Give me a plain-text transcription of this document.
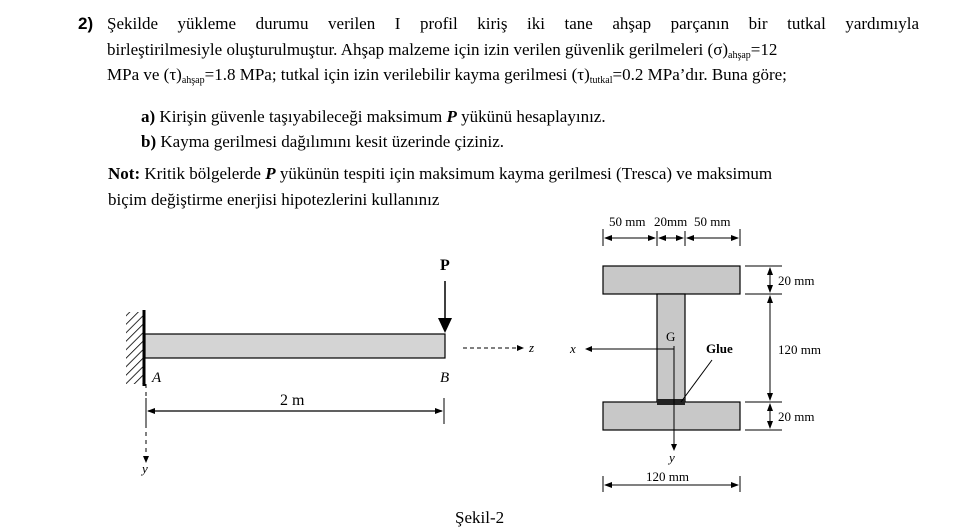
2) Şekilde yükleme durumu verilen I profil kiriş iki tane ahşap parçanın bir tutkal yardımıyla
birleştirilmesiyle oluşturulmuştur. Ahşap malzeme için izin verilen güvenlik gerilmeleri $(\sigma)_{ahşap}=12$
MPa ve $(\tau)_{ahşap}=1.8$ MPa; tutkal için izin verilebilir kayma gerilmesi $(\tau)_{tutkal}=0.2$ MPa’dır. Buna göre;
a) Kirişin güvenle taşıyabileceği maksimum P yükünü hesaplayınız.
b) Kayma gerilmesi dağılımını kesit üzerinde çiziniz.
Not: Kritik bölgelerde P yükünün tespiti için maksimum kayma gerilmesi (Tresca) ve maksimum
biçim değiştirme enerjisi hipotezlerini kullanınız
P
A	B
2 m
z
y
50 mm 20mm 50 mm
G
y
x	Glue
20 mm
120 mm
20 mm
120 mm
Şekil-2
